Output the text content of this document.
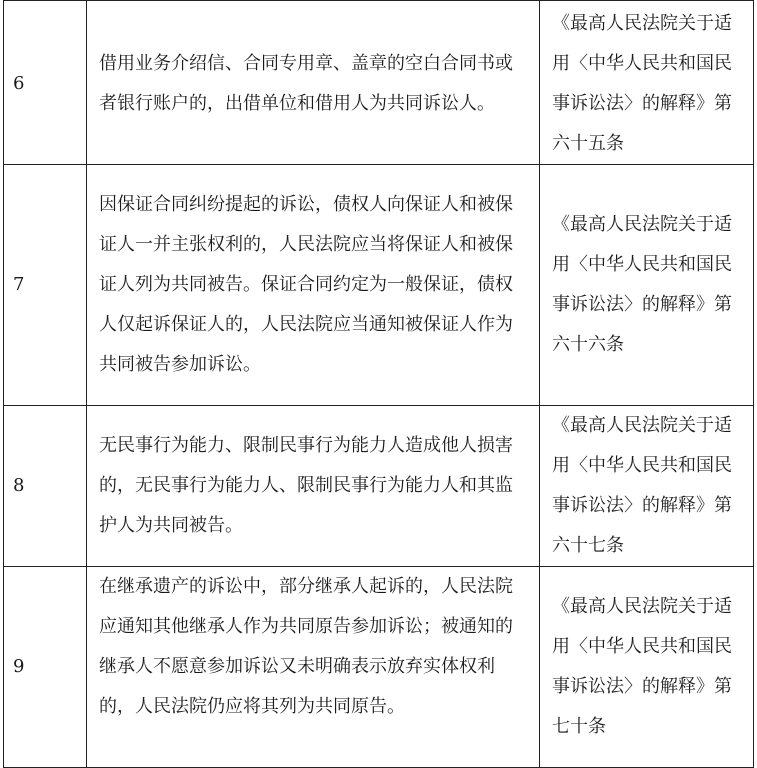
6	借用业务介绍信、合同专用章、盖章的空白合同书或者银行账户的，出借单位和借用人为共同诉讼人。	《最高人民法院关于适用〈中华人民共和国民事诉讼法〉的解释》第六十五条

7	因保证合同纠纷提起的诉讼，债权人向保证人和被保证人一并主张权利的，人民法院应当将保证人和被保证人列为共同被告。保证合同约定为一般保证，债权人仅起诉保证人的，人民法院应当通知被保证人作为共同被告参加诉讼。	《最高人民法院关于适用〈中华人民共和国民事诉讼法〉的解释》第六十六条

8	无民事行为能力、限制民事行为能力人造成他人损害的，无民事行为能力人、限制民事行为能力人和其监护人为共同被告。	《最高人民法院关于适用〈中华人民共和国民事诉讼法〉的解释》第六十七条

9	在继承遗产的诉讼中，部分继承人起诉的，人民法院应通知其他继承人作为共同原告参加诉讼；被通知的继承人不愿意参加诉讼又未明确表示放弃实体权利的，人民法院仍应将其列为共同原告。	《最高人民法院关于适用〈中华人民共和国民事诉讼法〉的解释》第七十条
